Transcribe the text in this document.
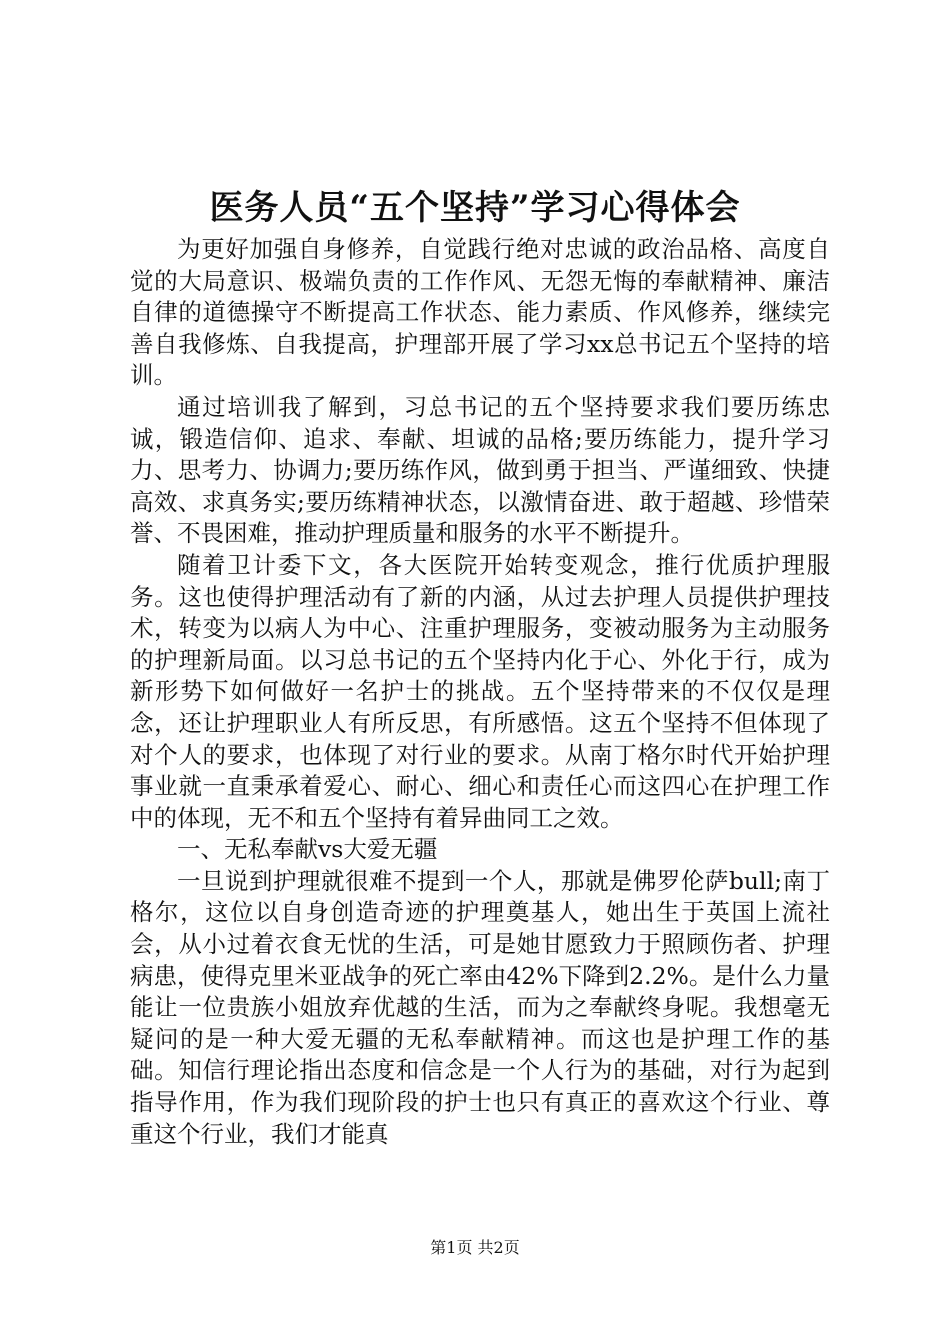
医务人员“五个坚持”学习心得体会

为更好加强自身修养，自觉践行绝对忠诚的政治品格、高度自觉的大局意识、极端负责的工作作风、无怨无悔的奉献精神、廉洁自律的道德操守不断提高工作状态、能力素质、作风修养，继续完善自我修炼、自我提高，护理部开展了学习xx总书记五个坚持的培训。

通过培训我了解到，习总书记的五个坚持要求我们要历练忠诚，锻造信仰、追求、奉献、坦诚的品格;要历练能力，提升学习力、思考力、协调力;要历练作风，做到勇于担当、严谨细致、快捷高效、求真务实;要历练精神状态，以激情奋进、敢于超越、珍惜荣誉、不畏困难，推动护理质量和服务的水平不断提升。

随着卫计委下文，各大医院开始转变观念，推行优质护理服务。这也使得护理活动有了新的内涵，从过去护理人员提供护理技术，转变为以病人为中心、注重护理服务，变被动服务为主动服务的护理新局面。以习总书记的五个坚持内化于心、外化于行，成为新形势下如何做好一名护士的挑战。五个坚持带来的不仅仅是理念，还让护理职业人有所反思，有所感悟。这五个坚持不但体现了对个人的要求，也体现了对行业的要求。从南丁格尔时代开始护理事业就一直秉承着爱心、耐心、细心和责任心而这四心在护理工作中的体现，无不和五个坚持有着异曲同工之效。

一、无私奉献vs大爱无疆

一旦说到护理就很难不提到一个人，那就是佛罗伦萨bull;南丁格尔，这位以自身创造奇迹的护理奠基人，她出生于英国上流社会，从小过着衣食无忧的生活，可是她甘愿致力于照顾伤者、护理病患，使得克里米亚战争的死亡率由42%下降到2.2%。是什么力量能让一位贵族小姐放弃优越的生活，而为之奉献终身呢。我想毫无疑问的是一种大爱无疆的无私奉献精神。而这也是护理工作的基础。知信行理论指出态度和信念是一个人行为的基础，对行为起到指导作用，作为我们现阶段的护士也只有真正的喜欢这个行业、尊重这个行业，我们才能真

第1页 共2页
